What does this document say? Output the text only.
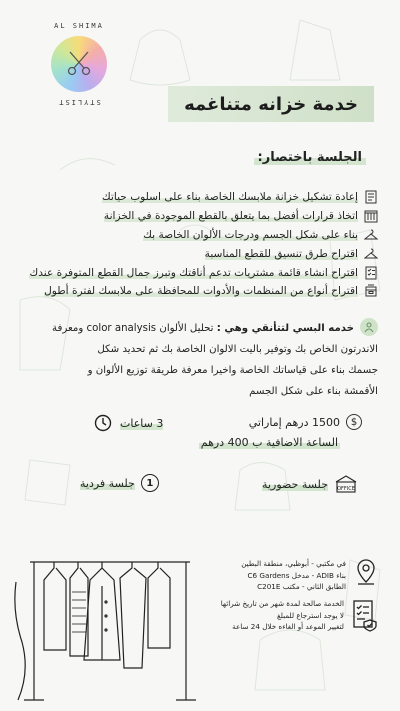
AL SHIMA
STYLIST	خدمة خزانه متناغمه
الجلسة باختصار:
إعادة تشكيل خزانة ملابسك الخاصة بناء على اسلوب حياتك
اتخاذ قرارات أفضل بما يتعلق بالقطع الموجودة في الخزانة
بناء على شكل الجسم ودرجات الألوان الخاصة بك
اقتراح طرق تنسيق للقطع المناسبة
اقتراح انشاء قائمة مشتريات تدعم أناقتك وتبرز جمال القطع المتوفرة عندك
اقتراح أنواع من المنظمات والأدوات للمحافظة على ملابسك لفترة أطول

خدمه البسي لتتأنقي وهي : تحليل الألوان color analysis ومعرفة

الاندرتون الخاص بك وتوفير باليت الالوان الخاصة بك ثم تحديد شكل

جسمك بناء على قياساتك الخاصة واخيرا معرفة طريقة توزيع الألوان و

الأقمشة بناء على شكل الجسم

$
1500 درهم إماراتي
الساعة الاضافية ب 400 درهم
3 ساعات
OFFICE
جلسة حضورية
1
جلسة فردية
في مكتبي - أبوظبي، منطقة البطين
بناء ADIB - مدخل C6 Gardens
الطابق الثاني - مكتب C201E
الخدمة صالحة لمدة شهر من تاريخ شرائها
لا يوجد استرجاع للمبلغ
لتغيير الموعد أو الغاءه خلال 24 ساعة
